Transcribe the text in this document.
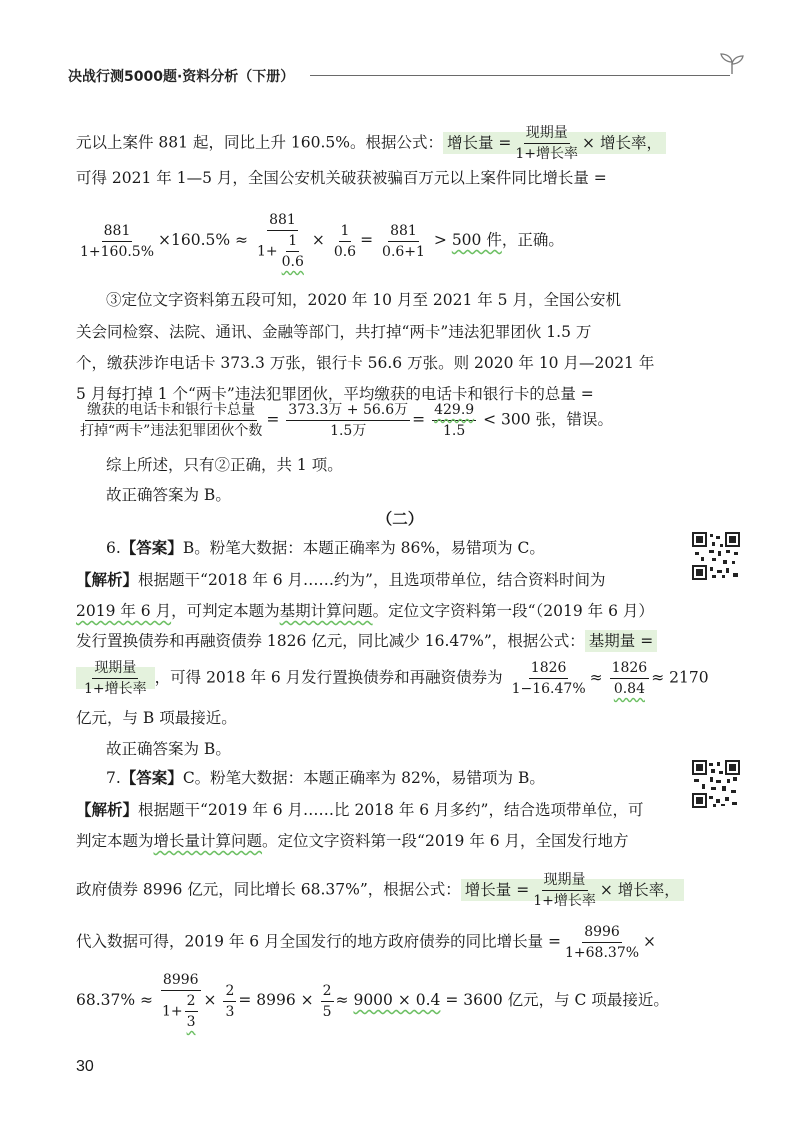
决战行测5000题·资料分析（下册）
元以上案件 881 起，同比上升 160.5%。根据公式： 增长量 = $\frac{\text{现期量}}{\text{1+增长率}}$ × 增长率，
可得 2021 年 1—5 月，全国公安机关破获被骗百万元以上案件同比增长量 =
$\frac{881}{1+160.5\%} \times 160.5\% \approx \frac{881}{1+ \frac{1}{0.6}} \times \frac{1}{0.6} = \frac{881}{0.6+1} > 500$ 件，正确。
③定位文字资料第五段可知，2020 年 10 月至 2021 年 5 月，全国公安机
关会同检察、法院、通讯、金融等部门，共打掉“两卡”违法犯罪团伙 1.5 万
个，缴获涉诈电话卡 373.3 万张，银行卡 56.6 万张。则 2020 年 10 月—2021 年
5 月每打掉 1 个“两卡”违法犯罪团伙，平均缴获的电话卡和银行卡的总量 =
$\frac{\text{缴获的电话卡和银行卡总量}}{\text{打掉“两卡”违法犯罪团伙个数}} = \frac{\text{373.3万 + 56.6万}}{\text{1.5万}} = \frac{429.9}{1.5} < 300$ 张，错误。
综上所述，只有②正确，共 1 项。
故正确答案为 B。
（二）
6.【答案】B。粉笔大数据：本题正确率为 86%，易错项为 C。
【解析】根据题干“2018 年 6 月……约为”，且选项带单位，结合资料时间为
2019 年 6 月，可判定本题为基期计算问题。定位文字资料第一段“（2019 年 6 月）
发行置换债券和再融资债券 1826 亿元，同比减少 16.47%”，根据公式： 基期量 =
$\frac{\text{现期量}}{\text{1+增长率}}$ ，可得 2018 年 6 月发行置换债券和再融资债券为 $\frac{1826}{1-16.47\%} \approx \frac{1826}{0.84} \approx 2170$
亿元，与 B 项最接近。
故正确答案为 B。
7.【答案】C。粉笔大数据：本题正确率为 82%，易错项为 B。
【解析】根据题干“2019 年 6 月……比 2018 年 6 月多约”，结合选项带单位，可
判定本题为增长量计算问题。定位文字资料第一段“2019 年 6 月，全国发行地方
政府债券 8996 亿元，同比增长 68.37%”，根据公式： 增长量 = $\frac{\text{现期量}}{\text{1+增长率}}$ × 增长率，
代入数据可得，2019 年 6 月全国发行的地方政府债券的同比增长量 = $\frac{8996}{1+68.37\%}$ ×
$68.37\% \approx \frac{8996}{1+ \frac{2}{3}} \times \frac{2}{3} = 8996 \times \frac{2}{5} \approx 9000 \times 0.4 = 3600$ 亿元，与 C 项最接近。
30
